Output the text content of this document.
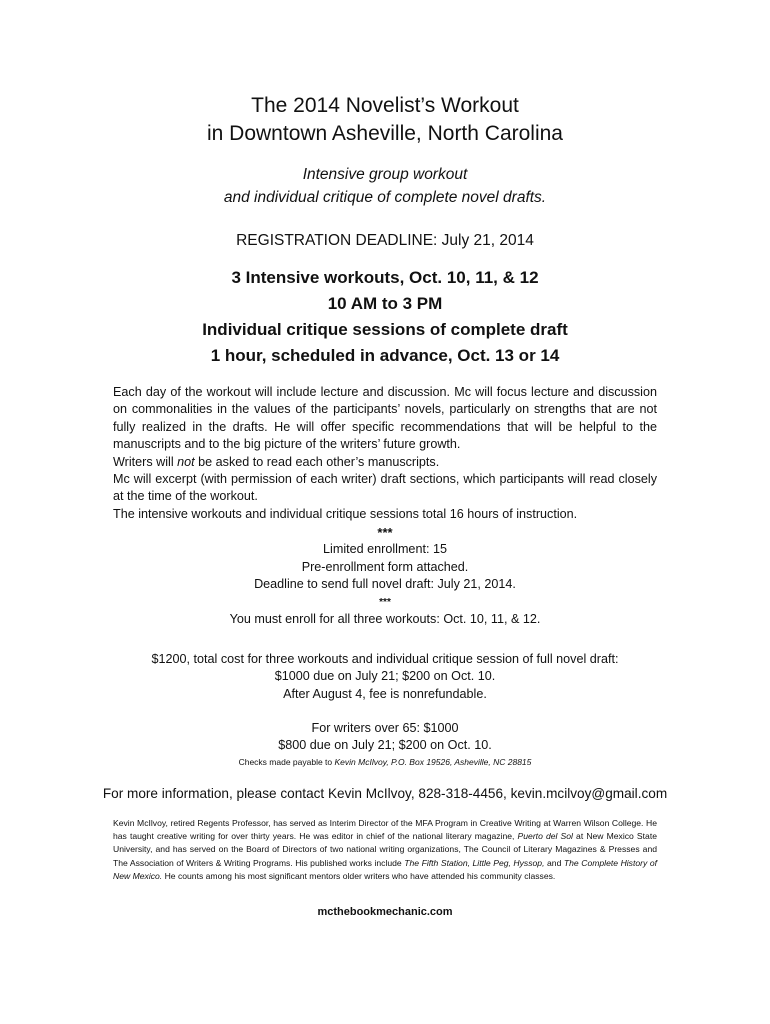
The 2014 Novelist’s Workout
in Downtown Asheville, North Carolina
Intensive group workout
and individual critique of complete novel drafts.
REGISTRATION DEADLINE: July 21, 2014
3 Intensive workouts, Oct. 10, 11, & 12
10 AM to 3 PM
Individual critique sessions of complete draft
1 hour, scheduled in advance, Oct. 13 or 14

Each day of the workout will include lecture and discussion. Mc will focus lecture and discussion on commonalities in the values of the participants’ novels, particularly on strengths that are not fully realized in the drafts. He will offer specific recommendations that will be helpful to the manuscripts and to the big picture of the writers’ future growth.

Writers will not be asked to read each other’s manuscripts.

Mc will excerpt (with permission of each writer) draft sections, which participants will read closely at the time of the workout.

The intensive workouts and individual critique sessions total 16 hours of instruction.

***
Limited enrollment: 15
Pre-enrollment form attached.
Deadline to send full novel draft: July 21, 2014.
***
You must enroll for all three workouts: Oct. 10, 11, & 12.
$1200, total cost for three workouts and individual critique session of full novel draft:
$1000 due on July 21; $200 on Oct. 10.
After August 4, fee is nonrefundable.
For writers over 65: $1000
$800 due on July 21; $200 on Oct. 10.
Checks made payable to Kevin McIlvoy, P.O. Box 19526, Asheville, NC 28815
For more information, please contact Kevin McIlvoy, 828-318-4456, kevin.mcilvoy@gmail.com
Kevin McIlvoy, retired Regents Professor, has served as Interim Director of the MFA Program in Creative Writing at Warren Wilson College. He has taught creative writing for over thirty years. He was editor in chief of the national literary magazine, Puerto del Sol at New Mexico State University, and has served on the Board of Directors of two national writing organizations, The Council of Literary Magazines & Presses and The Association of Writers & Writing Programs. His published works include The Fifth Station, Little Peg, Hyssop, and The Complete History of New Mexico. He counts among his most significant mentors older writers who have attended his community classes.
mcthebookmechanic.com
